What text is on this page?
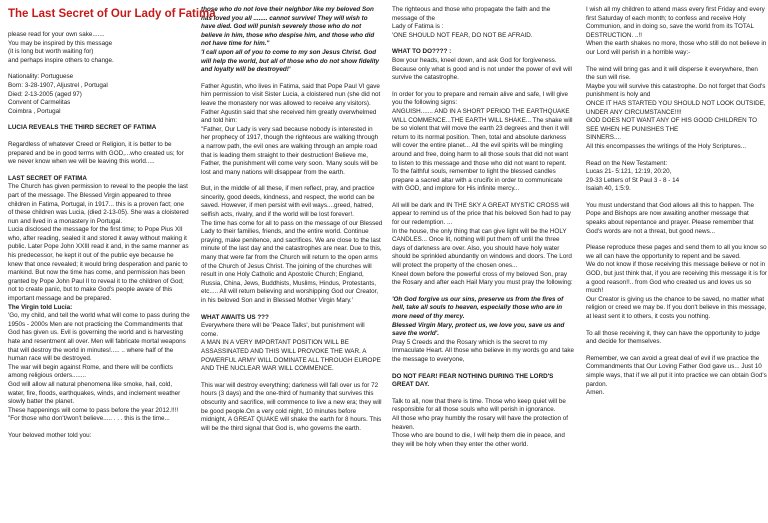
The Last Secret of Our Lady of Fatima
please read for your own sake.......
You may be inspired by this message
(it is long but worth waiting for)
and perhaps inspire others to change.
Nationality: Portuguese
Born: 3-28-1907, Aljustrel , Portugal
Died: 2-13-2005 (aged 97)
Convent of Carmelitas
Coimbra , Portugal

LUCIA REVEALS THE THIRD SECRET OF FATIMA

Regardless of whatever Creed or Religion, it is better to be prepared and be in good terms with GOD,...who created us; for we never know when we will be leaving this world.....

LAST SECRET OF FATIMA
The Church has given permission to reveal to the people the last part of the message. The Blessed Virgin appeared to three children in Fatima, Portugal, in 1917... this is a proven fact; one of these children was Lucia, (died 2-13-05). She was a cloistered nun and lived in a monastery in Portugal.
Lucia disclosed the message for the first time; to Pope Pius XII who, after reading, sealed it and stored it away without making it public. Later Pope John XXIII read it and, in the same manner as his predecessor, he kept it out of the public eye because he knew that once revealed; it would bring desperation and panic to mankind. But now the time has come, and permission has been granted by Pope John Paul II to reveal it to the children of God; not to create panic, but to make God's people aware of this important message and be prepared.
The Virgin told Lucia:
'Go, my child, and tell the world what will come to pass during the 1950s - 2000s Men are not practicing the Commandments that God has given us. Evil is governing the world and is harvesting hate and resentment all over. Men will fabricate mortal weapons that will destroy the world in minutes!..... .. where half of the human race will be destroyed.
The war will begin against Rome, and there will be conflicts among religious orders........
God will allow all natural phenomena like smoke, hail, cold, water, fire, floods, earthquakes, winds, and inclement weather slowly batter the planet.
These happenings will come to pass before the year 2012.!!!!

"For those who don't/won't believe..... . . . this is the time...

Your beloved mother told you:
those who do not love their neighbor like my beloved Son has loved you all ........ cannot survive! They will wish to have died. God will punish severely those who do not believe in him, those who despise him, and those who did not have time for him."

'I call upon all of you to come to my son Jesus Christ. God will help the world, but all of those who do not show fidelity and loyalty will be destroyed!'

Father Agustin, who lives in Fatima, said that Pope Paul VI gave him permission to visit Sister Lucia, a cloistered nun (she did not leave the monastery nor was allowed to receive any visitors). Father Agustin said that she received him greatly overwhelmed and told him:

"Father, Our Lady is very sad because nobody is interested in her prophecy of 1917, though the righteous are walking through a narrow path, the evil ones are walking through an ample road that is leading them straight to their destruction! Believe me, Father, the punishment will come very soon. 'Many souls will be lost and many nations will disappear from the earth.

But, in the middle of all these, if men reflect, pray, and practice sincerity, good deeds, kindness, and respect, the world can be saved. However, if men persist with evil ways....greed, hatred, selfish acts, rivalry, and if the world will be lost forever!.

The time has come for all to pass on the message of our Blessed Lady to their families, friends, and the entire world. Continue praying, make penitence, and sacrifices. We are close to the last minute of the last day and the catastrophes are near. Due to this, many that were far from the Church will return to the open arms of the Church of Jesus Christ. The joining of the churches will result in one Holy Catholic and Apostolic Church; England, Russia, China, Jews, Buddhists, Muslims, Hindus, Protestants, etc..... All will return believing and worshipping God our Creator, in his beloved Son and in Blessed Mother Virgin Mary.'

WHAT AWAITS US ???
Everywhere there will be 'Peace Talks', but punishment will come.

A MAN IN A VERY IMPORTANT POSITION WILL BE ASSASSINATED AND THIS WILL PROVOKE THE WAR. A POWERFUL ARMY WILL DOMINATE ALL THROUGH EUROPE AND THE NUCLEAR WAR WILL COMMENCE.

This war will destroy everything; darkness will fall over us for 72 hours (3 days) and the one-third of humanity that survives this obscurity and sacrifice, will commence to live a new era; they will be good people.On a very cold night, 10 minutes before midnight, A GREAT QUAKE will shake the earth for 8 hours. This will be the third signal that God is, who governs the earth.
The righteous and those who propagate the faith and the message of the
Lady of Fatima is :

'ONE SHOULD NOT FEAR, DO NOT BE AFRAID.

WHAT TO DO???? :

Bow your heads, kneel down, and ask God for forgiveness. Because only what is good and is not under the power of evil will survive the catastrophe.

In order for you to prepare and remain alive and safe, I will give you the following signs:
ANGUISH....... AND IN A SHORT PERIOD THE EARTHQUAKE WILL COMMENCE...THE EARTH WILL SHAKE... The shake will be so violent that will move the earth 23 degrees and then it will return to its normal position. Then, total and absolute darkness will cover the entire planet... All the evil spirits will be mingling around and free, doing harm to all those souls that did not want to listen to this message and those who did not want to repent.

To the faithful souls, remember to light the blessed candles prepare a sacred altar with a crucifix in order to communicate with GOD, and implore for His infinite mercy...

All will be dark and IN THE SKY A GREAT MYSTIC CROSS will appear to remind us of the price that his beloved Son had to pay for our redemption. ...
In the house, the only thing that can give light will be the HOLY CANDLES... Once lit, nothing will put them off until the three days of darkness are over. Also, you should have holy water should be sprinkled abundantly on windows and doors. The Lord will protect the property of the chosen ones...

Kneel down before the powerful cross of my beloved Son, pray the Rosary and after each Hail Mary you must pray the following:

'Oh God forgive us our sins, preserve us from the fires of hell, take all souls to heaven, especially those who are in more need of thy mercy.
Blessed Virgin Mary, protect us, we love you, save us and save the world'.

Pray 5 Creeds and the Rosary which is the secret to my Immaculate Heart. All those who believe in my words go and take the message to everyone,

DO NOT FEAR! FEAR NOTHING DURING THE LORD'S GREAT DAY.

Talk to all, now that there is time. Those who keep quiet will be responsible for all those souls who will perish in ignorance.
All those who pray humbly the rosary will have the protection of heaven.
Those who are bound to die, I will help them die in peace, and they will be holy when they enter the other world.
I wish all my children to attend mass every first Friday and every first Saturday of each month; to confess and receive Holy Communion, and in doing so, save the world from its TOTAL DESTRUCTION. ..!!

When the earth shakes no more, those who still do not believe in our Lord will perish in a horrible way:-

The wind will bring gas and it will disperse it everywhere, then the sun will rise.
Maybe you will survive this catastrophe. Do not forget that God's punishment is holy and
ONCE IT HAS STARTED YOU SHOULD NOT LOOK OUTSIDE, UNDER ANY CIRCUMSTANCE!!!!
GOD DOES NOT WANT ANY OF HIS GOOD CHILDREN TO SEE WHEN HE PUNISHES THE
SINNERS....

All this encompasses the writings of the Holy Scriptures...

Read on the New Testament:
Lucas 21- 5:121, 12:19, 20:20,
29-33 Letters of St Paul 3 - 8 - 14

Isaiah 40, 1:5:9.

You must understand that God allows all this to happen. The Pope and Bishops are now awaiting another message that speaks about repentance and prayer. Please remember that God's words are not a threat, but good news...

Please reproduce these pages and send them to all you know so we all can have the opportunity to repent and be saved.
We do not know if those receiving this message believe or not in GOD, but just think that, if you are receiving this message it is for a good reason!!.. from God who created us and loves us so much!

Our Creator is giving us the chance to be saved, no matter what religion or creed we may be. If you don't believe in this message, at least sent it to others, it costs you nothing.

To all those receiving it, they can have the opportunity to judge and decide for themselves.

Remember, we can avoid a great deal of evil if we practice the Commandments that Our Loving Father God gave us... Just 10 simple ways, that if we all put it into practice we can obtain God's pardon.
Amen.
